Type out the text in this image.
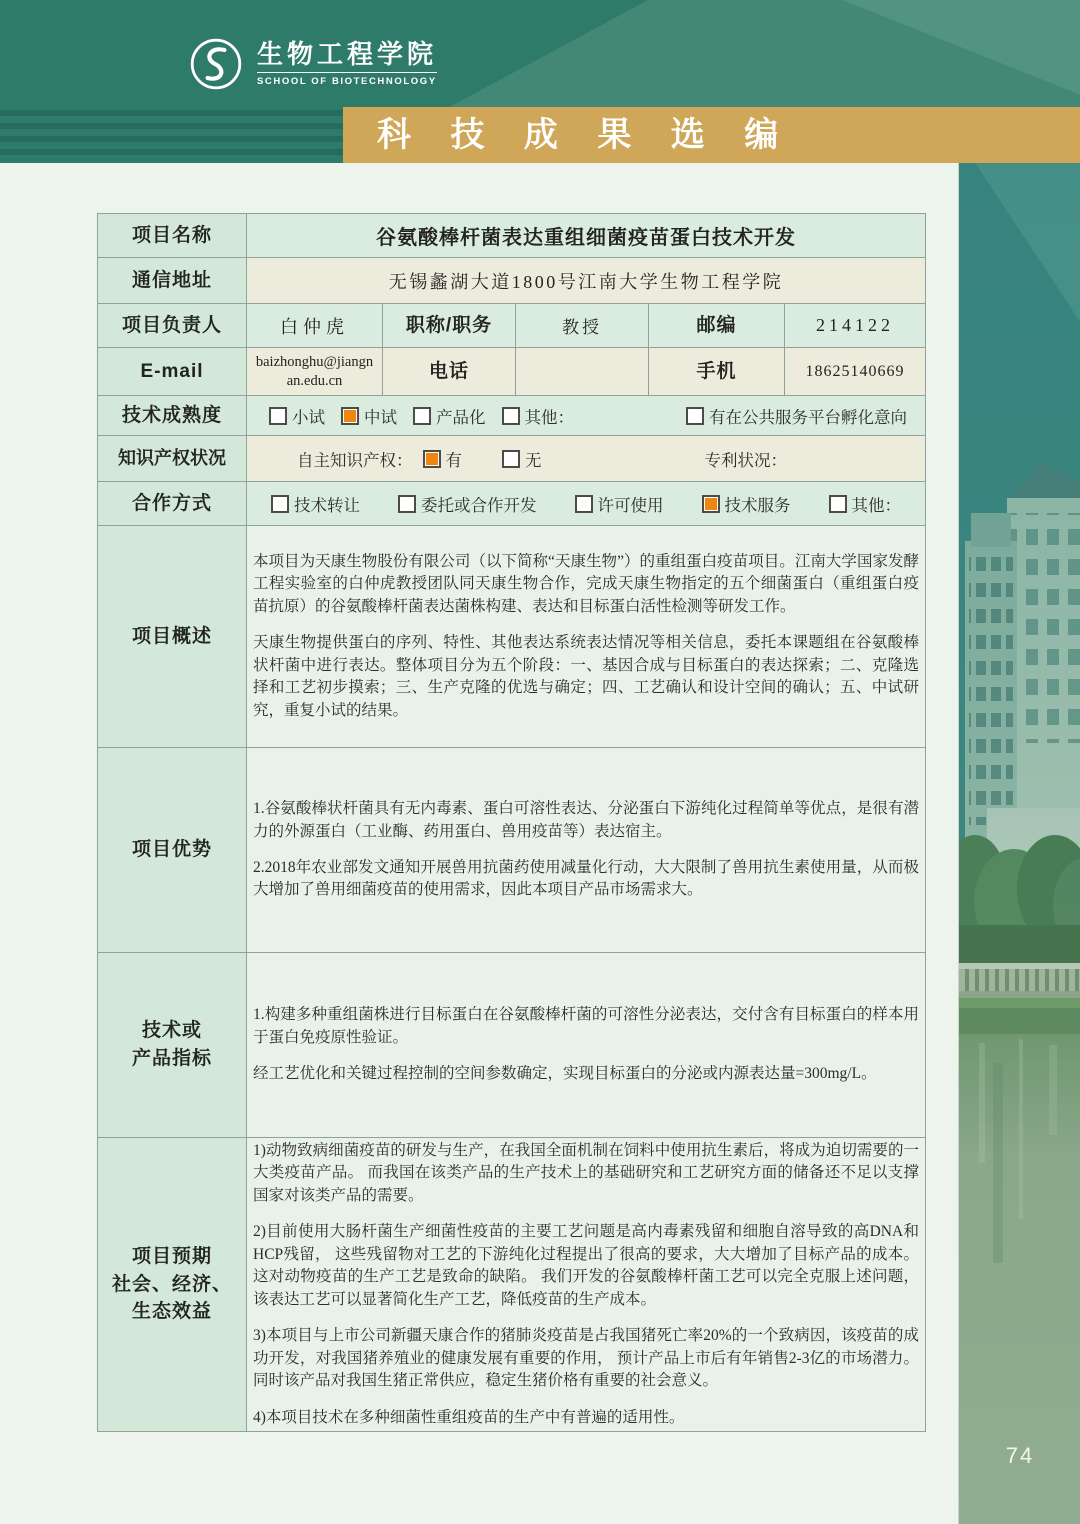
生物工程学院
SCHOOL OF BIOTECHNOLOGY
科 技 成 果 选 编
74
项目名称	谷氨酸棒杆菌表达重组细菌疫苗蛋白技术开发				
通信地址	无锡蠡湖大道1800号江南大学生物工程学院				
项目负责人	白仲虎	职称/职务	教授	邮编	214122
E-mail	baizhonghu@jiangnan.edu.cn	电话		手机	18625140669
技术成熟度	小试 中试 产品化 其他： 有在公共服务平台孵化意向				

知识产权状况	自主知识产权： 有 无 专利状况：				

合作方式	技术转让 委托或合作开发 许可使用 技术服务 其他：				

项目概述	本项目为天康生物股份有限公司（以下简称“天康生物”）的重组蛋白疫苗项目。江南大学国家发酵工程实验室的白仲虎教授团队同天康生物合作，完成天康生物指定的五个细菌蛋白（重组蛋白疫苗抗原）的谷氨酸棒杆菌表达菌株构建、表达和目标蛋白活性检测等研发工作。

天康生物提供蛋白的序列、特性、其他表达系统表达情况等相关信息，委托本课题组在谷氨酸棒状杆菌中进行表达。整体项目分为五个阶段：一、基因合成与目标蛋白的表达探索；二、克隆选择和工艺初步摸索；三、生产克隆的优选与确定；四、工艺确认和设计空间的确认；五、中试研究，重复小试的结果。				

项目优势	1.谷氨酸棒状杆菌具有无内毒素、蛋白可溶性表达、分泌蛋白下游纯化过程简单等优点，是很有潜力的外源蛋白（工业酶、药用蛋白、兽用疫苗等）表达宿主。

2.2018年农业部发文通知开展兽用抗菌药使用减量化行动，大大限制了兽用抗生素使用量，从而极大增加了兽用细菌疫苗的使用需求，因此本项目产品市场需求大。				

技术或
产品指标	

1.构建多种重组菌株进行目标蛋白在谷氨酸棒杆菌的可溶性分泌表达，交付含有目标蛋白的样本用于蛋白免疫原性验证。

经工艺优化和关键过程控制的空间参数确定，实现目标蛋白的分泌或内源表达量=300mg/L。

项目预期
社会、经济、
生态效益	

1)动物致病细菌疫苗的研发与生产，在我国全面机制在饲料中使用抗生素后，将成为迫切需要的一大类疫苗产品。 而我国在该类产品的生产技术上的基础研究和工艺研究方面的储备还不足以支撑国家对该类产品的需要。

2)目前使用大肠杆菌生产细菌性疫苗的主要工艺问题是高内毒素残留和细胞自溶导致的高DNA和HCP残留， 这些残留物对工艺的下游纯化过程提出了很高的要求，大大增加了目标产品的成本。这对动物疫苗的生产工艺是致命的缺陷。 我们开发的谷氨酸棒杆菌工艺可以完全克服上述问题，该表达工艺可以显著简化生产工艺，降低疫苗的生产成本。

3)本项目与上市公司新疆天康合作的猪肺炎疫苗是占我国猪死亡率20%的一个致病因，该疫苗的成功开发，对我国猪养殖业的健康发展有重要的作用， 预计产品上市后有年销售2-3亿的市场潜力。同时该产品对我国生猪正常供应，稳定生猪价格有重要的社会意义。

4)本项目技术在多种细菌性重组疫苗的生产中有普遍的适用性。
